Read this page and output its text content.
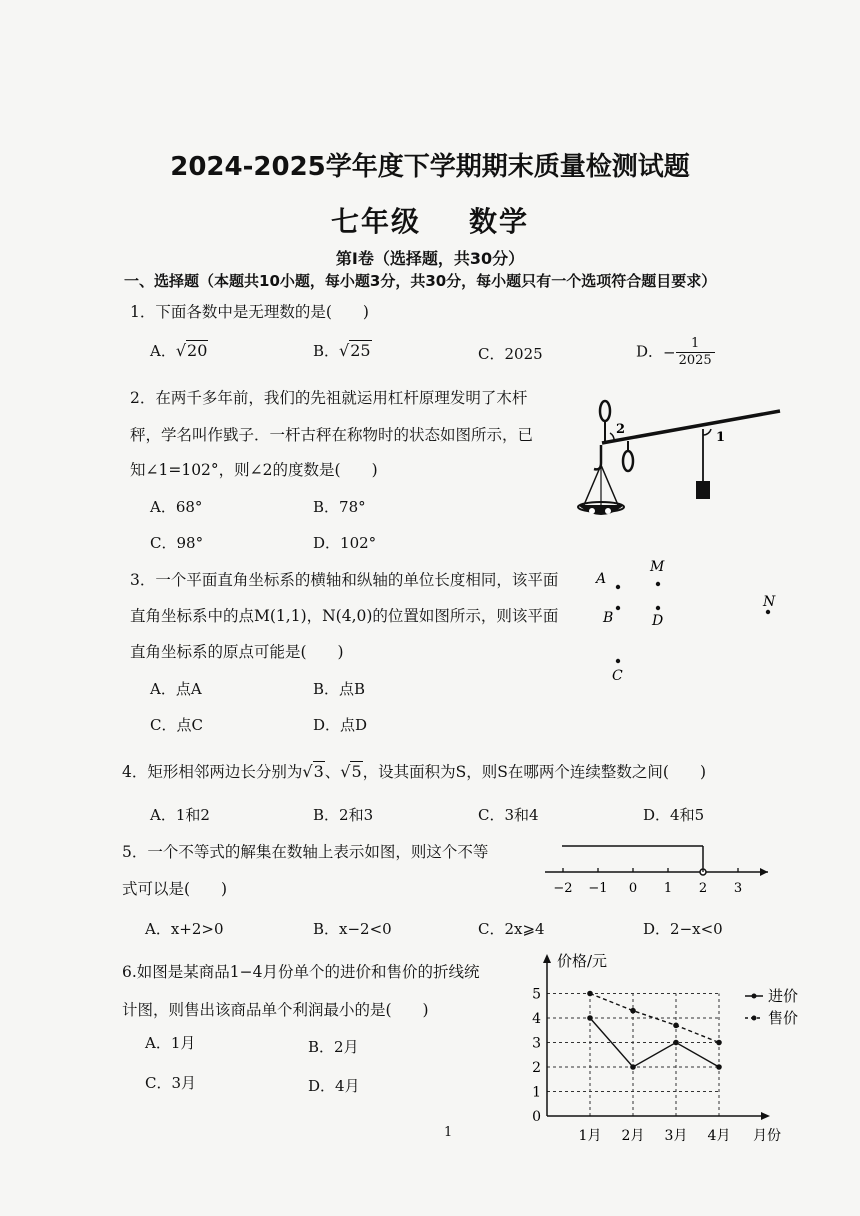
2024-2025学年度下学期期末质量检测试题
七年级 数学
第Ⅰ卷（选择题，共30分）
一、选择题（本题共10小题，每小题3分，共30分，每小题只有一个选项符合题目要求）
1．下面各数中是无理数的是(　　)
A．√20	B．√25	C．2025	D．− $\frac{1}{2025}$
2．在两千多年前，我们的先祖就运用杠杆原理发明了木杆
秤，学名叫作戥子．一杆古秤在称物时的状态如图所示，已
知∠1=102°，则∠2的度数是(　　)
A．68°	B．78°
C．98°	D．102°
2
1
3．一个平面直角坐标系的横轴和纵轴的单位长度相同，该平面
直角坐标系中的点M(1,1)，N(4,0)的位置如图所示，则该平面
直角坐标系的原点可能是(　　)
A．点A	B．点B
C．点C	D．点D
A
M
B	D
N
C
4．矩形相邻两边长分别为√3、√5，设其面积为S，则S在哪两个连续整数之间(　　)
A．1和2	B．2和3	C．3和4	D．4和5
5．一个不等式的解集在数轴上表示如图，则这个不等
式可以是(　　)
A．x+2>0	B．x−2<0	C．2x⩾4	D．2−x<0
−2 −1 0 1 2 3
6.如图是某商品1−4月份单个的进价和售价的折线统
计图，则售出该商品单个利润最小的是(　　)
A．1月	B．2月
C．3月	D．4月
0
1
2
3
4
5
1月 2月 3月 4月 月份
价格/元
进价
售价
1
